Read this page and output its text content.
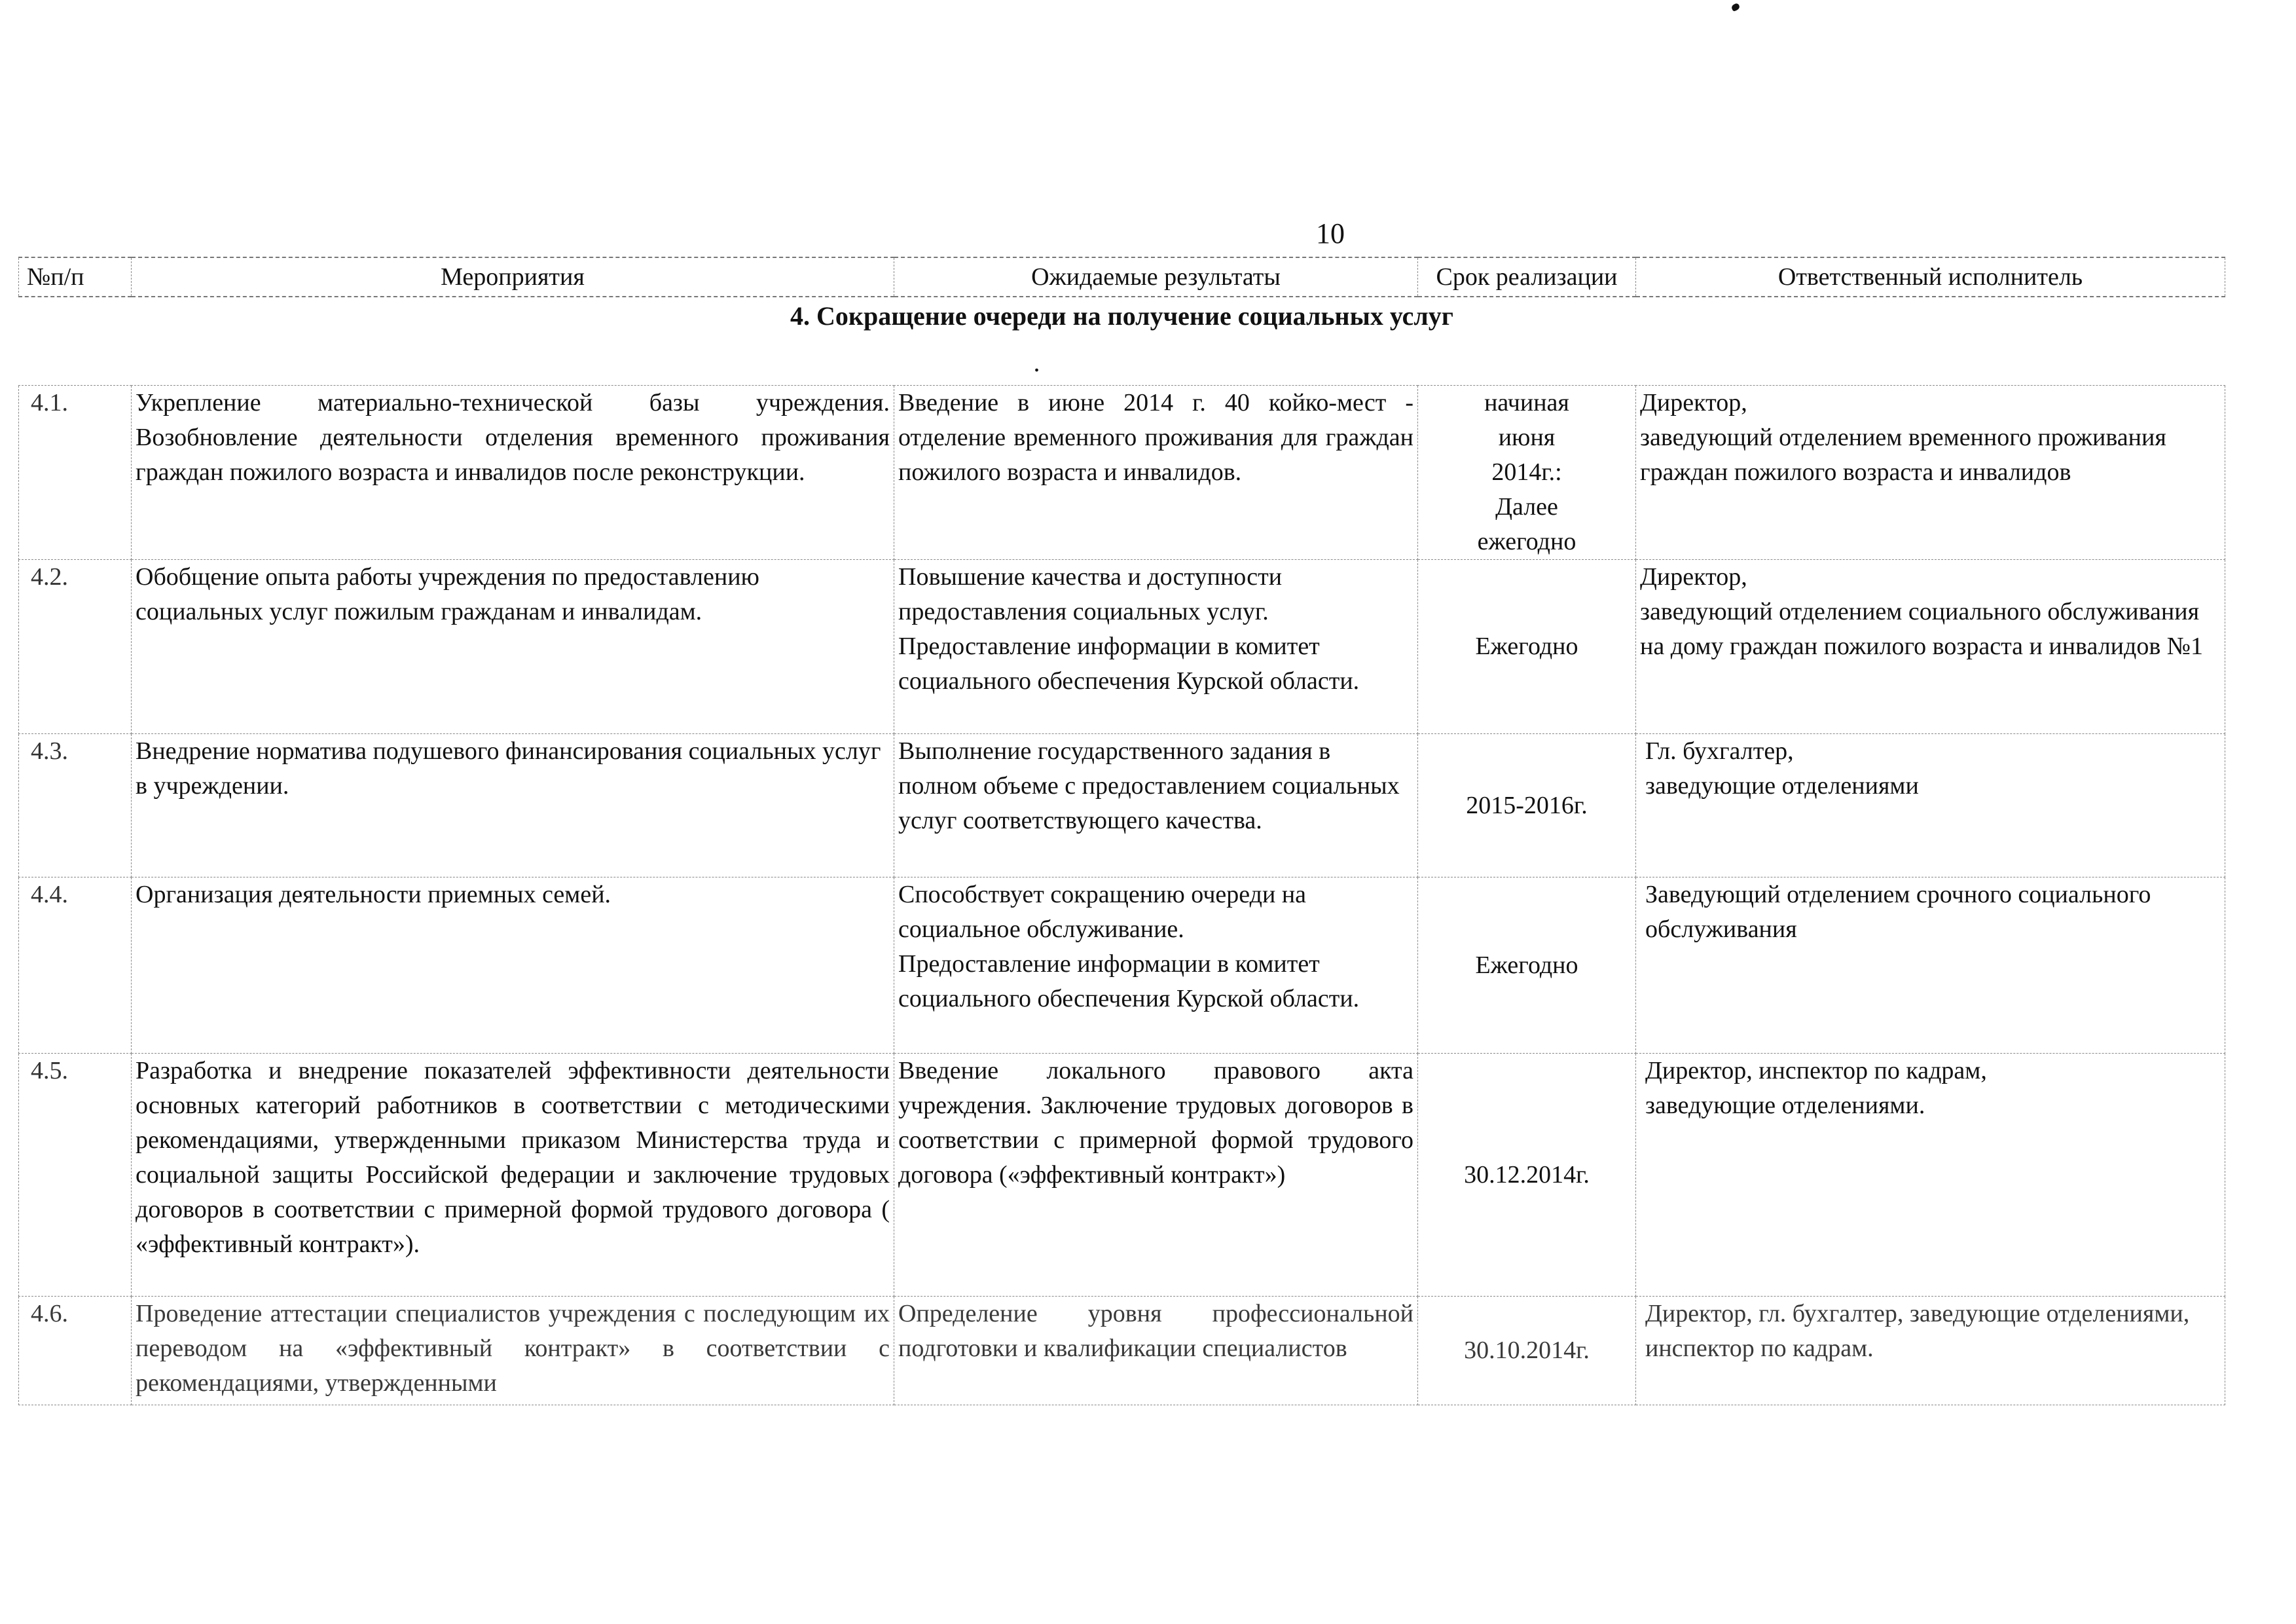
10
№п/п	Мероприятия	Ожидаемые результаты	Срок реализации	Ответственный исполнитель
4. Сокращение очереди на получение социальных услуг
.				

4.1.	Укрепление материально-технической базы учреждения. Возобновление деятельности отделения временного проживания граждан пожилого возраста и инвалидов после реконструкции.	Введение в июне 2014 г. 40 койко-мест - отделение временного проживания для граждан пожилого возраста и инвалидов.	начиная
июня
2014г.:
Далее
ежегодно	Директор,
заведующий отделением временного проживания граждан пожилого возраста и инвалидов

4.2.	Обобщение опыта работы учреждения по предоставлению социальных услуг пожилым гражданам и инвалидам.	Повышение качества и доступности предоставления социальных услуг.
Предоставление информации в комитет социального обеспечения Курской области.	Ежегодно	Директор,
заведующий отделением социального обслуживания на дому граждан пожилого возраста и инвалидов №1

4.3.	Внедрение норматива подушевого финансирования социальных услуг в учреждении.	Выполнение государственного задания в полном объеме с предоставлением социальных услуг соответствующего качества.	2015-2016г.	Гл. бухгалтер,
заведующие отделениями

4.4.	Организация деятельности приемных семей.	Способствует сокращению очереди на социальное обслуживание.
Предоставление информации в комитет социального обеспечения Курской области.	Ежегодно	Заведующий отделением срочного социального обслуживания

4.5.	Разработка и внедрение показателей эффективности деятельности основных категорий работников в соответствии с методическими рекомендациями, утвержденными приказом Министерства труда и социальной защиты Российской федерации и заключение трудовых договоров в соответствии с примерной формой трудового договора ( «эффективный контракт»).	Введение локального правового акта учреждения. Заключение трудовых договоров в соответствии с примерной формой трудового договора («эффективный контракт»)	30.12.2014г.	Директор, инспектор по кадрам,
заведующие отделениями.

4.6.	Проведение аттестации специалистов учреждения с последующим их переводом на «эффективный контракт» в соответствии с рекомендациями, утвержденными	Определение уровня профессиональной подготовки и квалификации специалистов	30.10.2014г.	Директор, гл. бухгалтер, заведующие отделениями, инспектор по кадрам.
